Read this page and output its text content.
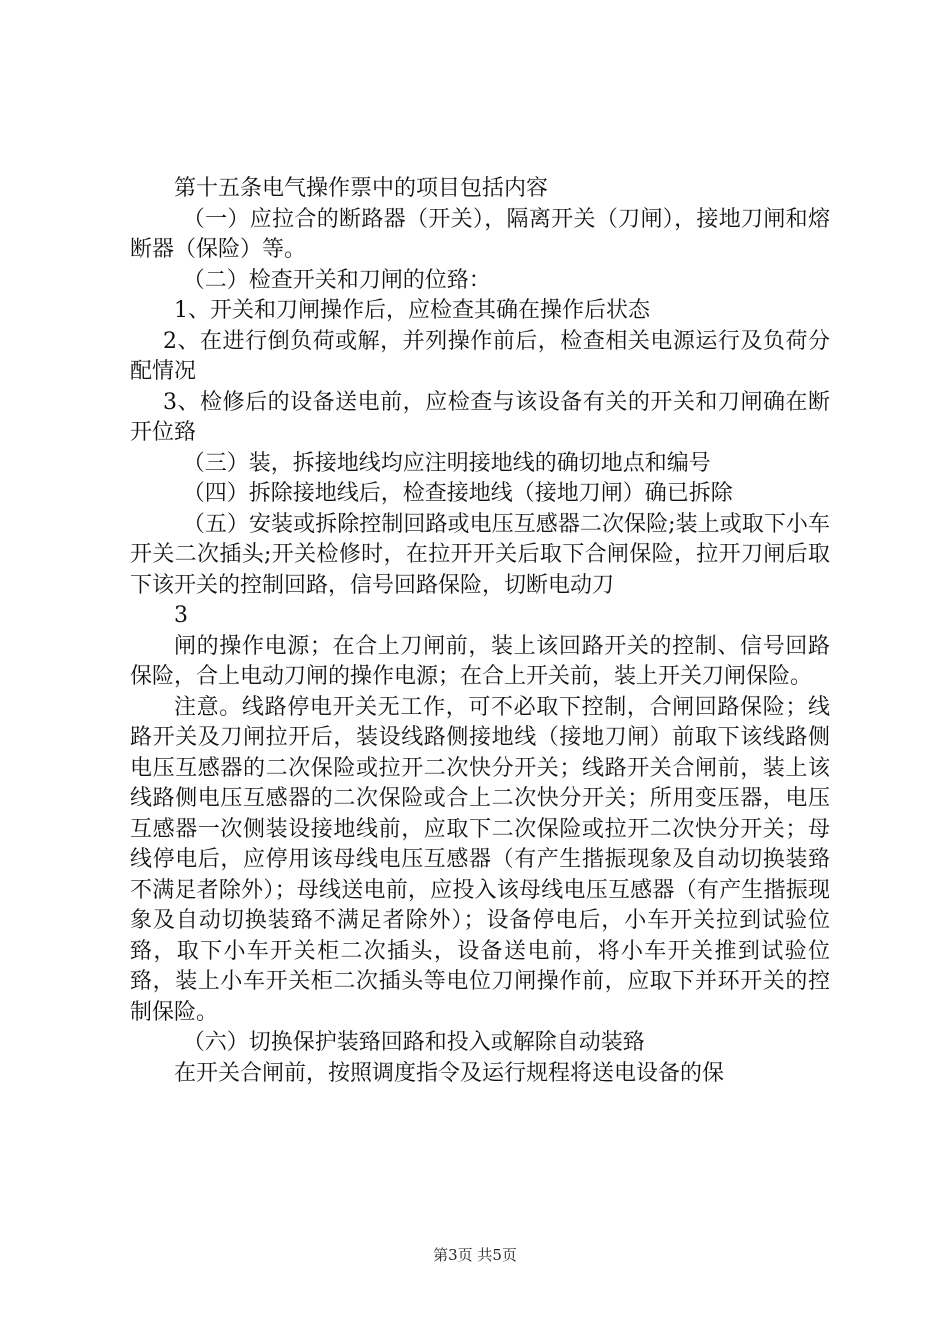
第十五条电气操作票中的项目包括内容

（一）应拉合的断路器（开关），隔离开关（刀闸），接地刀闸和熔断器（保险）等。

（二）检查开关和刀闸的位臵：

1、开关和刀闸操作后，应检查其确在操作后状态

2、在进行倒负荷或解，并列操作前后，检查相关电源运行及负荷分配情况

3、检修后的设备送电前，应检查与该设备有关的开关和刀闸确在断开位臵

（三）装，拆接地线均应注明接地线的确切地点和编号

（四）拆除接地线后，检查接地线（接地刀闸）确已拆除

（五）安装或拆除控制回路或电压互感器二次保险;装上或取下小车开关二次插头;开关检修时，在拉开开关后取下合闸保险，拉开刀闸后取下该开关的控制回路，信号回路保险，切断电动刀

3

闸的操作电源；在合上刀闸前，装上该回路开关的控制、信号回路保险，合上电动刀闸的操作电源；在合上开关前，装上开关刀闸保险。

注意。线路停电开关无工作，可不必取下控制，合闸回路保险；线路开关及刀闸拉开后，装设线路侧接地线（接地刀闸）前取下该线路侧电压互感器的二次保险或拉开二次快分开关；线路开关合闸前，装上该线路侧电压互感器的二次保险或合上二次快分开关；所用变压器，电压互感器一次侧装设接地线前，应取下二次保险或拉开二次快分开关；母线停电后，应停用该母线电压互感器（有产生揩振现象及自动切换装臵不满足者除外）；母线送电前，应投入该母线电压互感器（有产生揩振现象及自动切换装臵不满足者除外）；设备停电后，小车开关拉到试验位臵，取下小车开关柜二次插头，设备送电前，将小车开关推到试验位臵，装上小车开关柜二次插头等电位刀闸操作前，应取下并环开关的控制保险。

（六）切换保护装臵回路和投入或解除自动装臵

在开关合闸前，按照调度指令及运行规程将送电设备的保

第3页 共5页
